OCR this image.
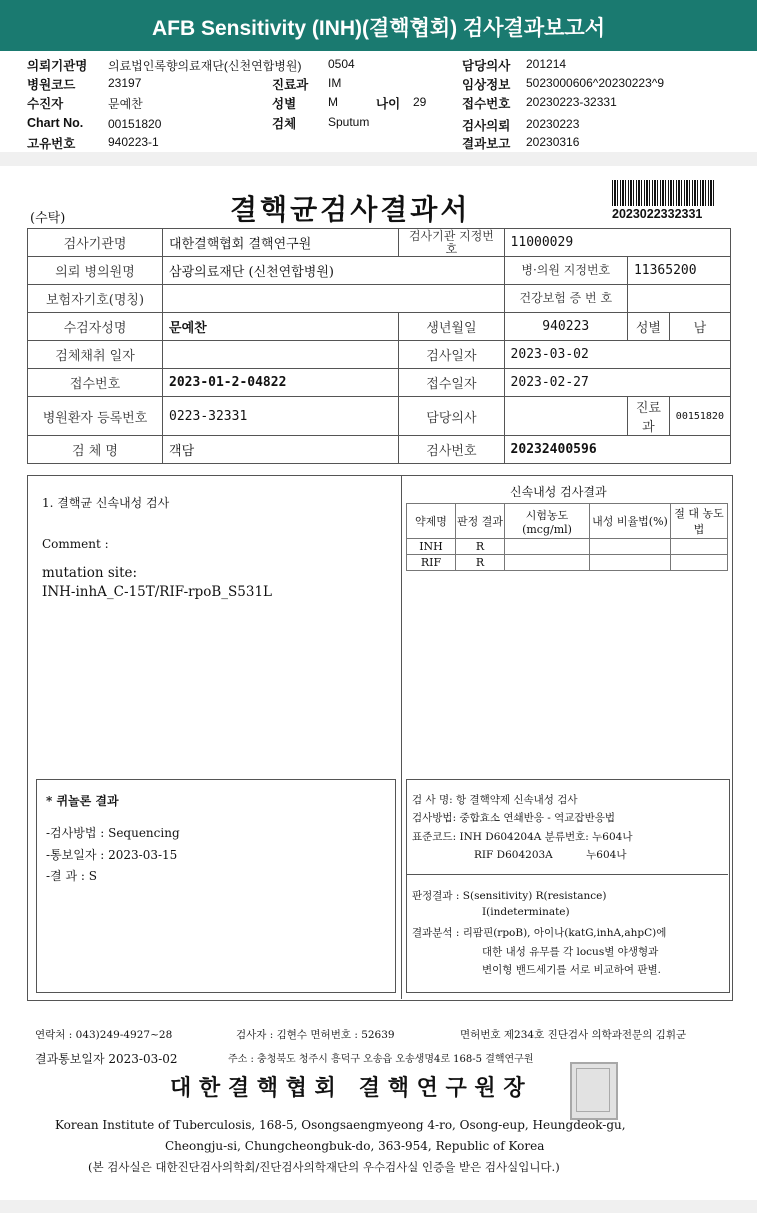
AFB Sensitivity (INH)(결핵협회) 검사결과보고서
의뢰기관명 의료법인록향의료재단(신천연합병원) 0504	담당의사 201214
병원코드	23197	진료과 IM	임상정보 5023000606^20230223^9
수진자	문예찬	성별	M	나이 29	접수번호 20230223-32331
Chart No. 00151820	검체	Sputum	검사의뢰 20230223
고유번호	940223-1	결과보고 20230316
(수탁)	결핵균검사결과서	2023022332331
검사기관명	대한결핵협회 결핵연구원	검사기관 지정번호	11000029		
의뢰 병의원명	삼광의료재단 (신천연합병원)		병·의원 지정번호	11365200	
보험자기호(명칭)			건강보험 증 번 호		
수검자성명	문예찬	생년월일	940223	성별	남
검체채취 일자		검사일자	2023-03-02		
접수번호	2023-01-2-04822	접수일자	2023-02-27		
병원환자 등록번호	0223-32331	담당의사		진료과	00151820
검 체 명	객담	검사번호	20232400596		
1. 결핵균 신속내성 검사
Comment :
mutation site:
INH-inhA_C-15T/RIF-rpoB_S531L
신속내성 검사결과
약제명	판정 결과	시험농도 (mcg/ml)	내성 비율법(%)	절 대 농도법
INH	R			
RIF	R			
* 퀴놀론 결과
-검사방법 : Sequencing
-통보일자 : 2023-03-15
-결 과 : S
검 사 명: 항 결핵약제 신속내성 검사
검사방법: 중합효소 연쇄반응 - 역교잡반응법
표준코드: INH D604204A 분류번호: 누604나
RIF D604203A          누604나
판정결과 : S(sensitivity) R(resistance)
I(indeterminate)
결과분석 : 리팜핀(rpoB), 아이나(katG,inhA,ahpC)에
대한 내성 유무를 각 locus별 야생형과
변이형 밴드세기를 서로 비교하여 판별.
연락처 : 043)249-4927~28	검사자 : 김현수 면허번호 : 52639	면허번호 제234호 진단검사 의학과전문의 김휘군
결과통보일자 2023-03-02	주소 : 충청북도 청주시 흥덕구 오송읍 오송생명4로 168-5 결핵연구원
대 한 결 핵 협 회   결 핵 연 구 원 장
Korean Institute of Tuberculosis, 168-5, Osongsaengmyeong 4-ro, Osong-eup, Heungdeok-gu,
Cheongju-si, Chungcheongbuk-do, 363-954, Republic of Korea
(본 검사실은 대한진단검사의학회/진단검사의학재단의 우수검사실 인증을 받은 검사실입니다.)
